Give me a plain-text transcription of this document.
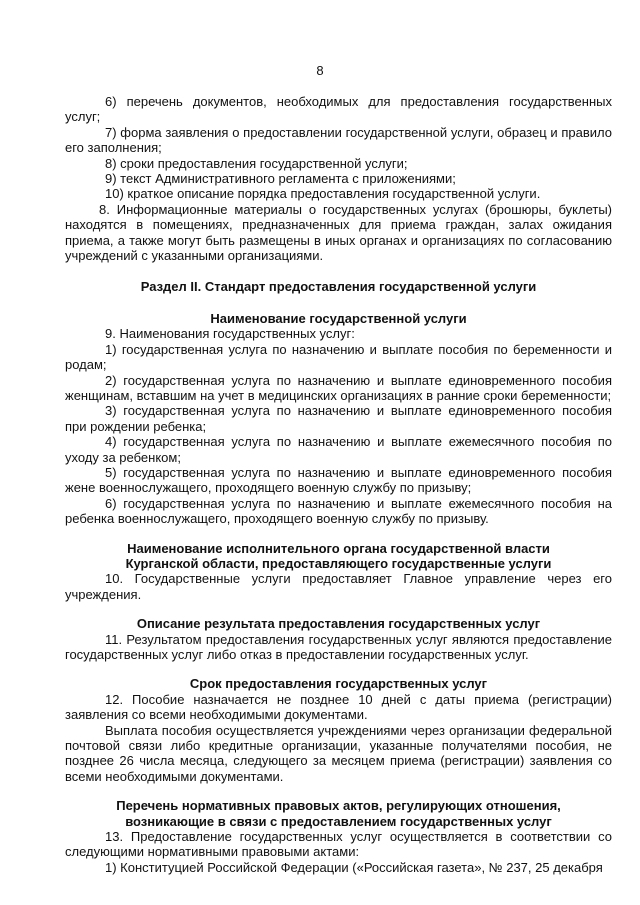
8

6) перечень документов, необходимых для предоставления государственных услуг;

7) форма заявления о предоставлении государственной услуги, образец и правило его заполнения;

8) сроки предоставления государственной услуги;

9) текст Административного регламента с приложениями;

10) краткое описание порядка предоставления государственной услуги.

8. Информационные материалы о государственных услугах (брошюры, буклеты) находятся в помещениях, предназначенных для приема граждан, залах ожидания приема, а также могут быть размещены в иных органах и организациях по согласованию учреждений с указанными организациями.

Раздел II. Стандарт предоставления государственной услуги

Наименование государственной услуги

9. Наименования государственных услуг:

1) государственная услуга по назначению и выплате пособия по беременности и родам;

2) государственная услуга по назначению и выплате единовременного пособия женщинам, вставшим на учет в медицинских организациях в ранние сроки беременности;

3) государственная услуга по назначению и выплате единовременного пособия при рождении ребенка;

4) государственная услуга по назначению и выплате ежемесячного пособия по уходу за ребенком;

5) государственная услуга по назначению и выплате единовременного пособия жене военнослужащего, проходящего военную службу по призыву;

6) государственная услуга по назначению и выплате ежемесячного пособия на ребенка военнослужащего, проходящего военную службу по призыву.

Наименование исполнительного органа государственной власти

Курганской области, предоставляющего государственные услуги

10. Государственные услуги предоставляет Главное управление через его учреждения.

Описание результата предоставления государственных услуг

11. Результатом предоставления государственных услуг являются предоставление государственных услуг либо отказ в предоставлении государственных услуг.

Срок предоставления государственных услуг

12. Пособие назначается не позднее 10 дней с даты приема (регистрации) заявления со всеми необходимыми документами.

Выплата пособия осуществляется учреждениями через организации федеральной почтовой связи либо кредитные организации, указанные получателями пособия, не позднее 26 числа месяца, следующего за месяцем приема (регистрации) заявления со всеми необходимыми документами.

Перечень нормативных правовых актов, регулирующих отношения,

возникающие в связи с предоставлением государственных услуг

13. Предоставление государственных услуг осуществляется в соответствии со следующими нормативными правовыми актами:

1) Конституцией Российской Федерации («Российская газета», № 237, 25 декабря
